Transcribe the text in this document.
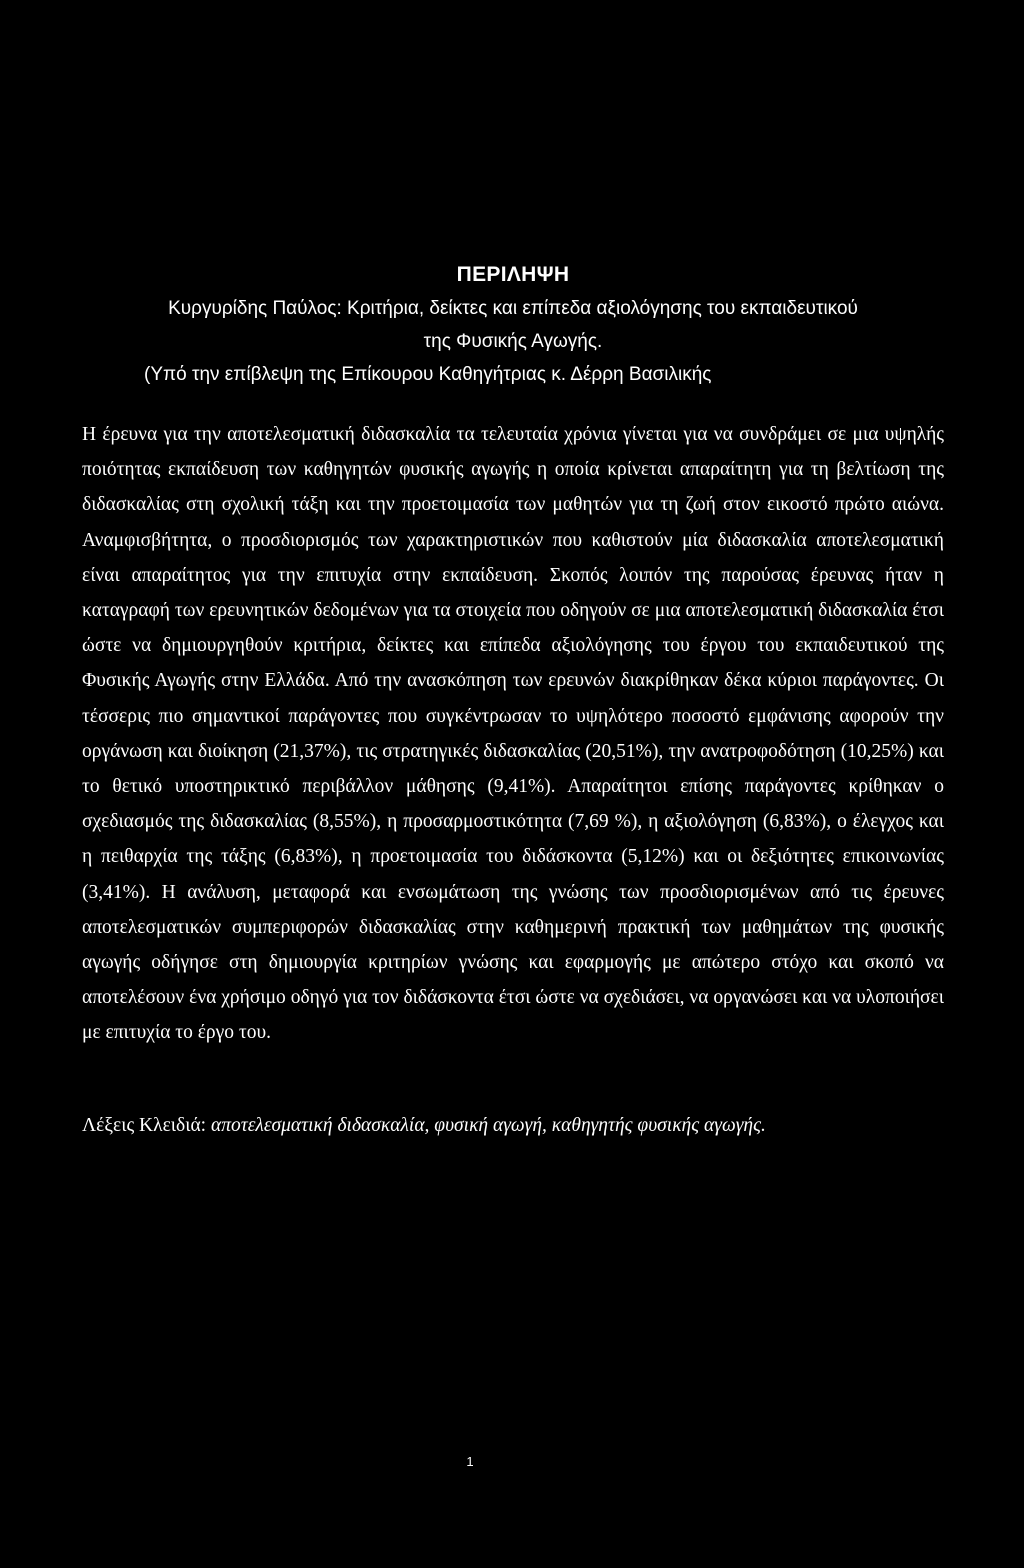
ΠΕΡΙΛΗΨΗ

Κυργυρίδης Παύλος: Κριτήρια, δείκτες και επίπεδα αξιολόγησης του εκπαιδευτικού

της Φυσικής Αγωγής.

(Υπό την επίβλεψη της Επίκουρου Καθηγήτριας κ. Δέρρη Βασιλικής

Η έρευνα για την αποτελεσματική διδασκαλία τα τελευταία χρόνια γίνεται για να συνδράμει σε μια υψηλής ποιότητας εκπαίδευση των καθηγητών φυσικής αγωγής η οποία κρίνεται απαραίτητη για τη βελτίωση της διδασκαλίας στη σχολική τάξη και την προετοιμασία των μαθητών για τη ζωή στον εικοστό πρώτο αιώνα. Αναμφισβήτητα, ο προσδιορισμός των χαρακτηριστικών που καθιστούν μία διδασκαλία αποτελεσματική είναι απαραίτητος για την επιτυχία στην εκπαίδευση. Σκοπός λοιπόν της παρούσας έρευνας ήταν η καταγραφή των ερευνητικών δεδομένων για τα στοιχεία που οδηγούν σε μια αποτελεσματική διδασκαλία έτσι ώστε να δημιουργηθούν κριτήρια, δείκτες και επίπεδα αξιολόγησης του έργου του εκπαιδευτικού της Φυσικής Αγωγής στην Ελλάδα. Από την ανασκόπηση των ερευνών διακρίθηκαν δέκα κύριοι παράγοντες. Οι τέσσερις πιο σημαντικοί παράγοντες που συγκέντρωσαν το υψηλότερο ποσοστό εμφάνισης αφορούν την οργάνωση και διοίκηση (21,37%), τις στρατηγικές διδασκαλίας (20,51%), την ανατροφοδότηση (10,25%) και το θετικό υποστηρικτικό περιβάλλον μάθησης (9,41%). Απαραίτητοι επίσης παράγοντες κρίθηκαν ο σχεδιασμός της διδασκαλίας (8,55%), η προσαρμοστικότητα (7,69 %), η αξιολόγηση (6,83%), ο έλεγχος και η πειθαρχία της τάξης (6,83%), η προετοιμασία του διδάσκοντα (5,12%) και οι δεξιότητες επικοινωνίας (3,41%). Η ανάλυση, μεταφορά και ενσωμάτωση της γνώσης των προσδιορισμένων από τις έρευνες αποτελεσματικών συμπεριφορών διδασκαλίας στην καθημερινή πρακτική των μαθημάτων της φυσικής αγωγής οδήγησε στη δημιουργία κριτηρίων γνώσης και εφαρμογής με απώτερο στόχο και σκοπό να αποτελέσουν ένα χρήσιμο οδηγό για τον διδάσκοντα έτσι ώστε να σχεδιάσει, να οργανώσει και να υλοποιήσει με επιτυχία το έργο του.

Λέξεις Κλειδιά: αποτελεσματική διδασκαλία, φυσική αγωγή, καθηγητής φυσικής αγωγής.

1
